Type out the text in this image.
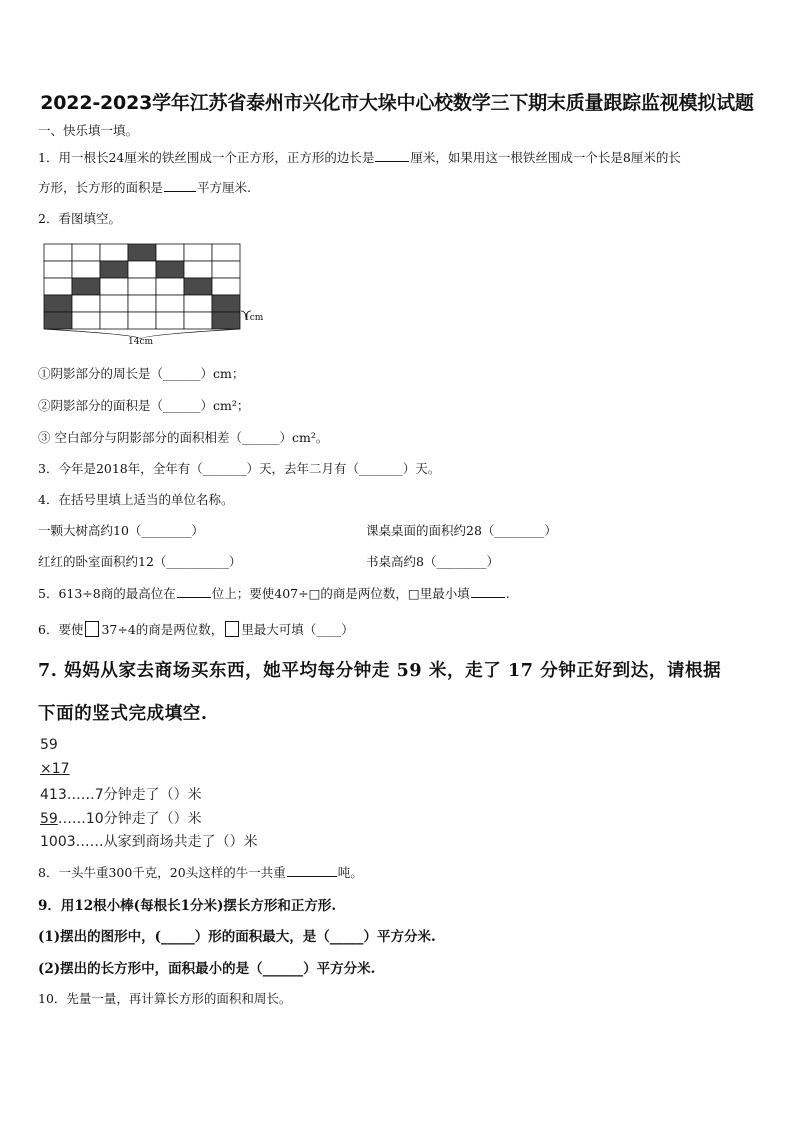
2022-2023学年江苏省泰州市兴化市大垛中心校数学三下期末质量跟踪监视模拟试题
一、快乐填一填。
1．用一根长24厘米的铁丝围成一个正方形，正方形的边长是	厘米，如果用这一根铁丝围成一个长是8厘米的长
方形，长方形的面积是	平方厘米.
2．看图填空。
14cm
1cm
①阴影部分的周长是（______）cm；
②阴影部分的面积是（______）cm²；
③ 空白部分与阴影部分的面积相差（______）cm²。
3．今年是2018年，全年有（_______）天，去年二月有（_______）天。
4．在括号里填上适当的单位名称。
一颗大树高约10（________）	课桌桌面的面积约28（________）
红红的卧室面积约12（__________）	书桌高约8（________）
5．613÷8商的最高位在	位上；要使407÷□的商是两位数，□里最小填	.
6．要使 37÷4的商是两位数， 里最大可填（____）
7. 妈妈从家去商场买东西，她平均每分钟走 59 米，走了 17 分钟正好到达，请根据
下面的竖式完成填空.
59
×17
413……7分钟走了（）米
59……10分钟走了（）米
1003……从家到商场共走了（）米
8．一头牛重300千克，20头这样的牛一共重	吨。
9．用12根小棒(每根长1分米)摆长方形和正方形.
(1)摆出的图形中，(_____）形的面积最大，是（_____）平方分米.
(2)摆出的长方形中，面积最小的是（______）平方分米.
10．先量一量，再计算长方形的面积和周长。
